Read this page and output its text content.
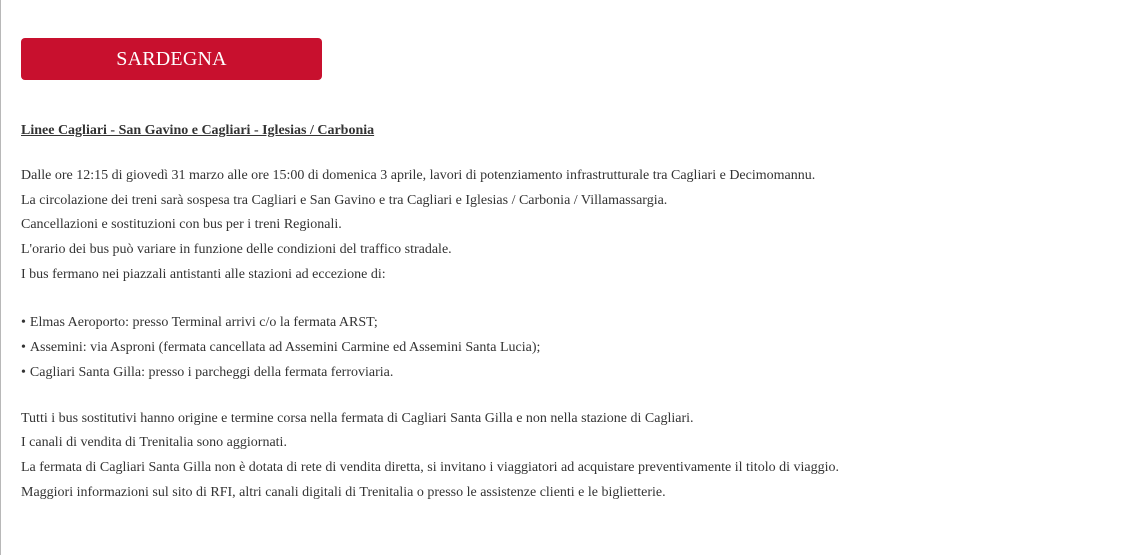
SARDEGNA

Linee Cagliari - San Gavino e Cagliari - Iglesias / Carbonia

Dalle ore 12:15 di giovedì 31 marzo alle ore 15:00 di domenica 3 aprile, lavori di potenziamento infrastrutturale tra Cagliari e Decimomannu.

La circolazione dei treni sarà sospesa tra Cagliari e San Gavino e tra Cagliari e Iglesias / Carbonia / Villamassargia.

Cancellazioni e sostituzioni con bus per i treni Regionali.

L'orario dei bus può variare in funzione delle condizioni del traffico stradale.

I bus fermano nei piazzali antistanti alle stazioni ad eccezione di:

• Elmas Aeroporto: presso Terminal arrivi c/o la fermata ARST;
• Assemini: via Asproni (fermata cancellata ad Assemini Carmine ed Assemini Santa Lucia);
• Cagliari Santa Gilla: presso i parcheggi della fermata ferroviaria.

Tutti i bus sostitutivi hanno origine e termine corsa nella fermata di Cagliari Santa Gilla e non nella stazione di Cagliari.

I canali di vendita di Trenitalia sono aggiornati.

La fermata di Cagliari Santa Gilla non è dotata di rete di vendita diretta, si invitano i viaggiatori ad acquistare preventivamente il titolo di viaggio.

Maggiori informazioni sul sito di RFI, altri canali digitali di Trenitalia o presso le assistenze clienti e le biglietterie.
